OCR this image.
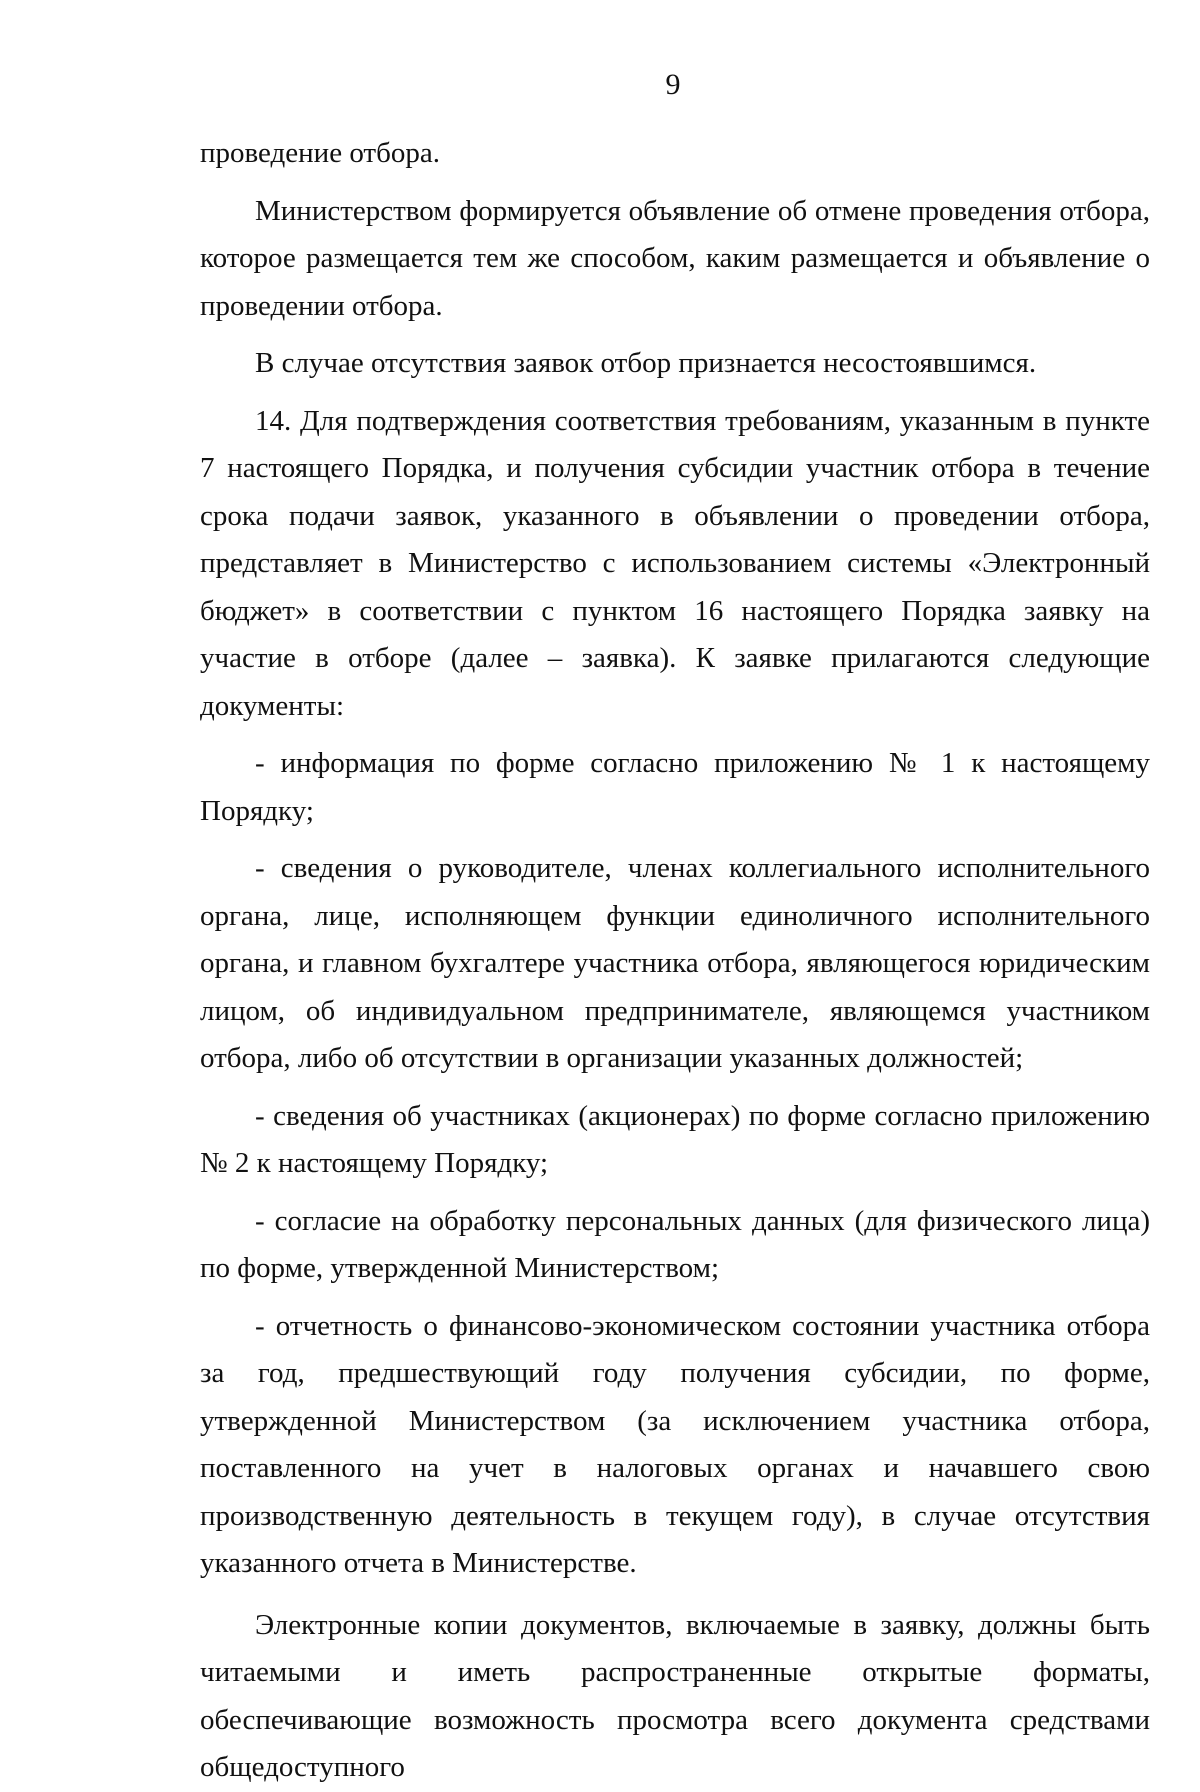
9

проведение отбора.

Министерством формируется объявление об отмене проведения отбора, которое размещается тем же способом, каким размещается и объявление о проведении отбора.

В случае отсутствия заявок отбор признается несостоявшимся.

14. Для подтверждения соответствия требованиям, указанным в пункте 7 настоящего Порядка, и получения субсидии участник отбора в течение срока подачи заявок, указанного в объявлении о проведении отбора, представляет в Министерство с использованием системы «Электронный бюджет» в соответствии с пунктом 16 настоящего Порядка заявку на участие в отборе (далее – заявка). К заявке прилагаются следующие документы:

- информация по форме согласно приложению № 1 к настоящему Порядку;

- сведения о руководителе, членах коллегиального исполнительного органа, лице, исполняющем функции единоличного исполнительного органа, и главном бухгалтере участника отбора, являющегося юридическим лицом, об индивидуальном предпринимателе, являющемся участником отбора, либо об отсутствии в организации указанных должностей;

- сведения об участниках (акционерах) по форме согласно приложению № 2 к настоящему Порядку;

- согласие на обработку персональных данных (для физического лица) по форме, утвержденной Министерством;

- отчетность о финансово-экономическом состоянии участника отбора за год, предшествующий году получения субсидии, по форме, утвержденной Министерством (за исключением участника отбора, поставленного на учет в налоговых органах и начавшего свою производственную деятельность в текущем году), в случае отсутствия указанного отчета в Министерстве.

Электронные копии документов, включаемые в заявку, должны быть читаемыми и иметь распространенные открытые форматы, обеспечивающие возможность просмотра всего документа средствами общедоступного
